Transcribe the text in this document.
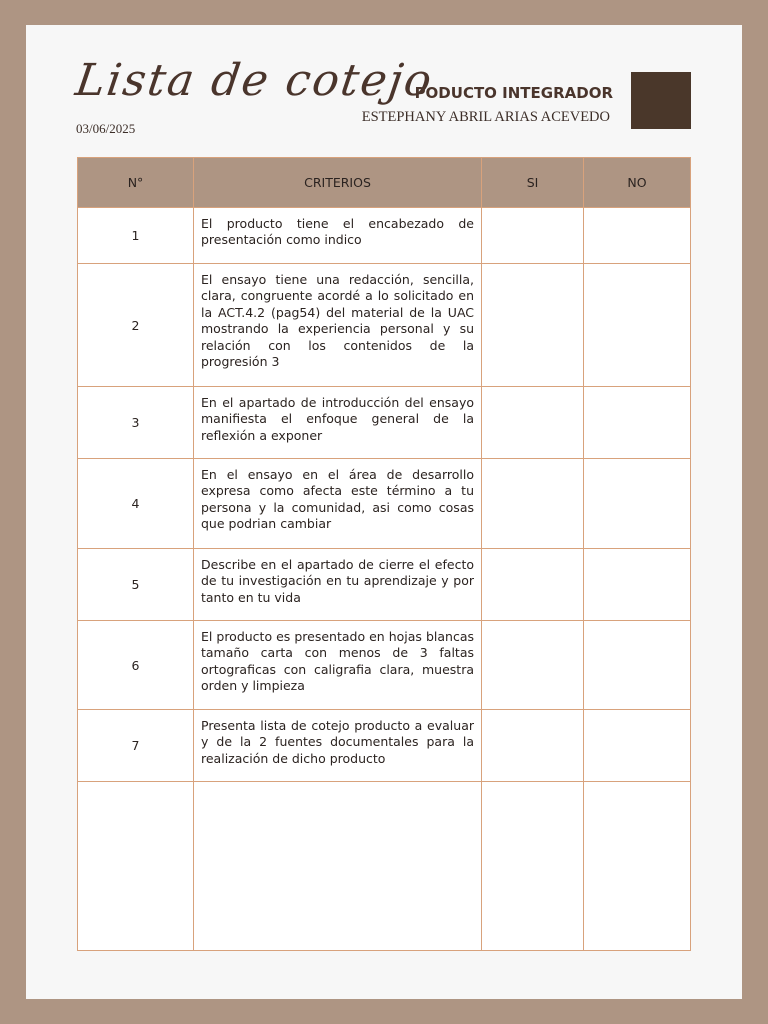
Lista de cotejo
03/06/2025
PODUCTO INTEGRADOR
ESTEPHANY ABRIL ARIAS ACEVEDO
N°	CRITERIOS	SI	NO
1	El producto tiene el encabezado de presentación como indico		
2	El ensayo tiene una redacción, sencilla, clara, congruente acordé a lo solicitado en la ACT.4.2 (pag54) del material de la UAC mostrando la experiencia personal y su relación con los contenidos de la progresión 3		
3	En el apartado de introducción del ensayo manifiesta el enfoque general de la reflexión a exponer		
4	En el ensayo en el área de desarrollo expresa como afecta este término a tu persona y la comunidad, asi como cosas que podrian cambiar		
5	Describe en el apartado de cierre el efecto de tu investigación en tu aprendizaje y por tanto en tu vida		
6	El producto es presentado en hojas blancas tamaño carta con menos de 3 faltas ortograficas con caligrafia clara, muestra orden y limpieza		
7	Presenta lista de cotejo producto a evaluar y de la 2 fuentes documentales para la realización de dicho producto		
